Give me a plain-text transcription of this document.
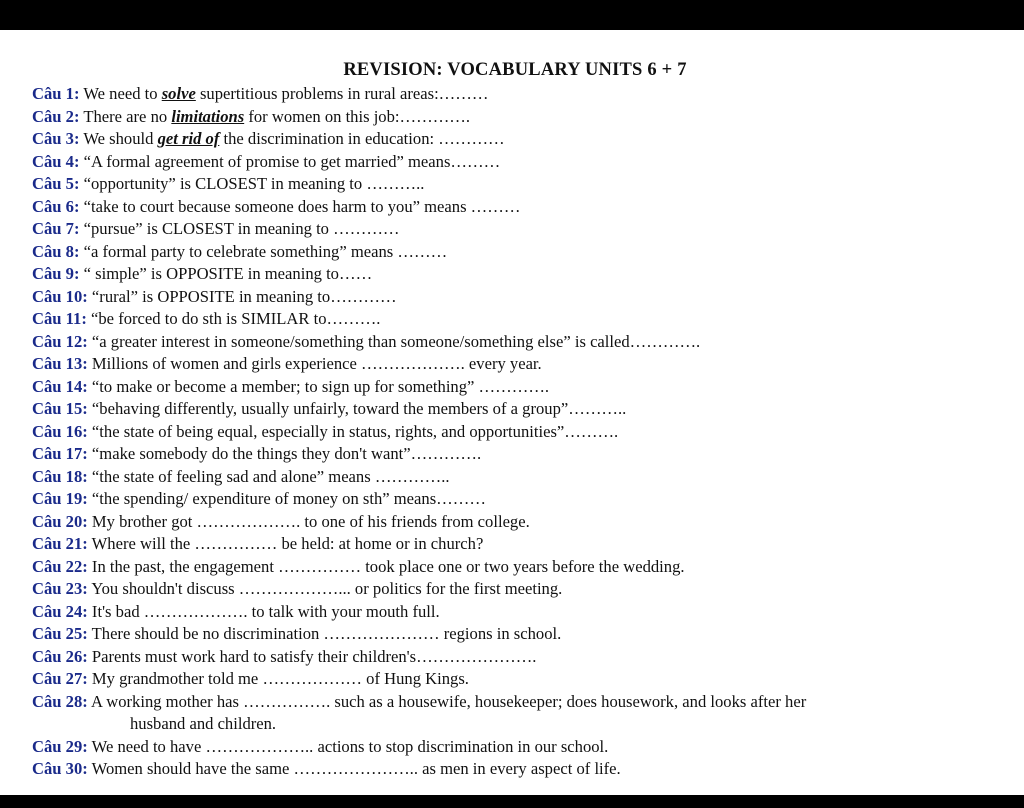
REVISION: VOCABULARY UNITS 6 + 7
Câu 1: We need to solve supertitious problems in rural areas:………
Câu 2: There are no limitations for women on this job:………….
Câu 3: We should get rid of the discrimination in education: …………
Câu 4: “A formal agreement of promise to get married” means………
Câu 5: “opportunity” is CLOSEST in meaning to ………..
Câu 6: “take to court because someone does harm to you” means ………
Câu 7: “pursue” is CLOSEST in meaning to …………
Câu 8: “a formal party to celebrate something” means ………
Câu 9: “ simple” is OPPOSITE in meaning to……
Câu 10: “rural” is OPPOSITE in meaning to…………
Câu 11: “be forced to do sth is SIMILAR to……….
Câu 12: “a greater interest in someone/something than someone/something else” is called………….
Câu 13: Millions of women and girls experience ………………. every year.
Câu 14: “to make or become a member; to sign up for something” ………….
Câu 15: “behaving differently, usually unfairly, toward the members of a group”………..
Câu 16: “the state of being equal, especially in status, rights, and opportunities”……….
Câu 17: “make somebody do the things they don't want”………….
Câu 18: “the state of feeling sad and alone” means …………..
Câu 19: “the spending/ expenditure of money on sth” means………
Câu 20: My brother got ………………. to one of his friends from college.
Câu 21: Where will the …………… be held: at home or in church?
Câu 22: In the past, the engagement …………… took place one or two years before the wedding.
Câu 23: You shouldn't discuss ………………... or politics for the first meeting.
Câu 24: It's bad ………………. to talk with your mouth full.
Câu 25: There should be no discrimination ………………… regions in school.
Câu 26: Parents must work hard to satisfy their children's………………….
Câu 27: My grandmother told me ……………… of Hung Kings.
Câu 28: A working mother has ……………. such as a housewife, housekeeper; does housework, and looks after her
husband and children.
Câu 29: We need to have ……………….. actions to stop discrimination in our school.
Câu 30: Women should have the same ………………….. as men in every aspect of life.
